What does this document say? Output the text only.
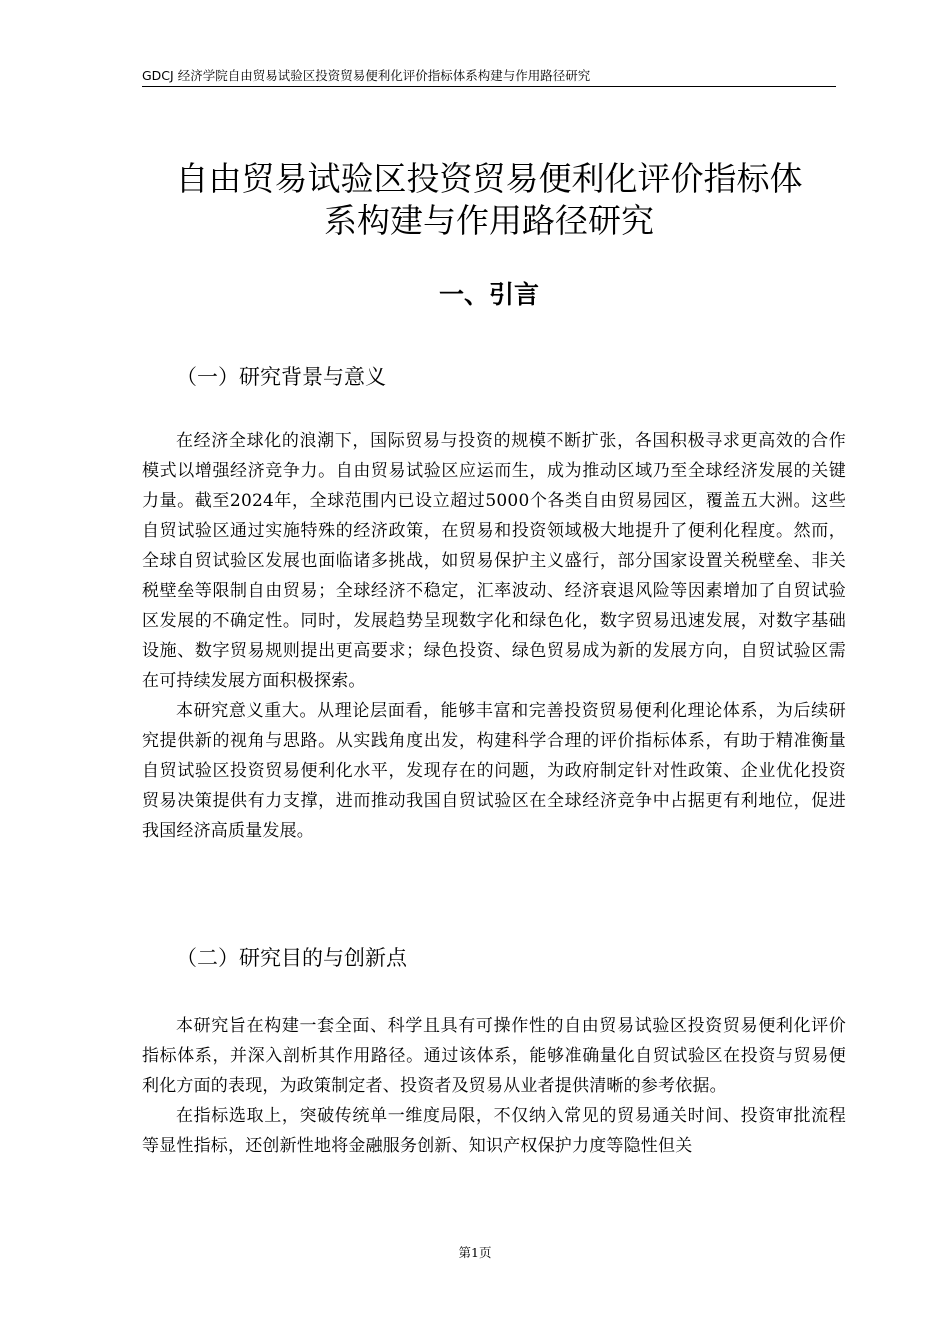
GDCJ 经济学院自由贸易试验区投资贸易便利化评价指标体系构建与作用路径研究
自由贸易试验区投资贸易便利化评价指标体
系构建与作用路径研究
一、引言
（一）研究背景与意义

在经济全球化的浪潮下，国际贸易与投资的规模不断扩张，各国积极寻求更高效的合作模式以增强经济竞争力。自由贸易试验区应运而生，成为推动区域乃至全球经济发展的关键力量。截至2024年，全球范围内已设立超过5000个各类自由贸易园区，覆盖五大洲。这些自贸试验区通过实施特殊的经济政策，在贸易和投资领域极大地提升了便利化程度。然而，全球自贸试验区发展也面临诸多挑战，如贸易保护主义盛行，部分国家设置关税壁垒、非关税壁垒等限制自由贸易；全球经济不稳定，汇率波动、经济衰退风险等因素增加了自贸试验区发展的不确定性。同时，发展趋势呈现数字化和绿色化，数字贸易迅速发展，对数字基础设施、数字贸易规则提出更高要求；绿色投资、绿色贸易成为新的发展方向，自贸试验区需在可持续发展方面积极探索。

本研究意义重大。从理论层面看，能够丰富和完善投资贸易便利化理论体系，为后续研究提供新的视角与思路。从实践角度出发，构建科学合理的评价指标体系，有助于精准衡量自贸试验区投资贸易便利化水平，发现存在的问题，为政府制定针对性政策、企业优化投资贸易决策提供有力支撑，进而推动我国自贸试验区在全球经济竞争中占据更有利地位，促进我国经济高质量发展。

（二）研究目的与创新点

本研究旨在构建一套全面、科学且具有可操作性的自由贸易试验区投资贸易便利化评价指标体系，并深入剖析其作用路径。通过该体系，能够准确量化自贸试验区在投资与贸易便利化方面的表现，为政策制定者、投资者及贸易从业者提供清晰的参考依据。

在指标选取上，突破传统单一维度局限，不仅纳入常见的贸易通关时间、投资审批流程等显性指标，还创新性地将金融服务创新、知识产权保护力度等隐性但关

第1页
